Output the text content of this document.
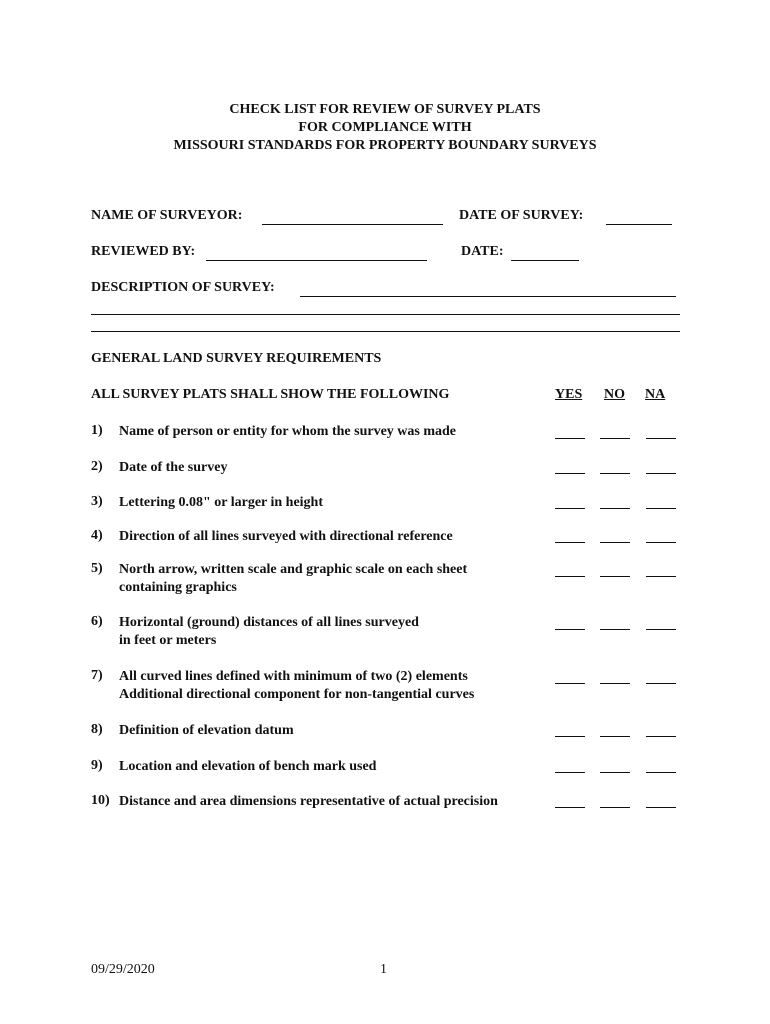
CHECK LIST FOR REVIEW OF SURVEY PLATS
FOR COMPLIANCE WITH
MISSOURI STANDARDS FOR PROPERTY BOUNDARY SURVEYS
NAME OF SURVEYOR:	DATE OF SURVEY:
REVIEWED BY:	DATE:
DESCRIPTION OF SURVEY:
GENERAL LAND SURVEY REQUIREMENTS
ALL SURVEY PLATS SHALL SHOW THE FOLLOWING	YES NO NA
1) Name of person or entity for whom the survey was made
2) Date of the survey
3) Lettering 0.08" or larger in height
4) Direction of all lines surveyed with directional reference
5) North arrow, written scale and graphic scale on each sheet
containing graphics
6) Horizontal (ground) distances of all lines surveyed
in feet or meters
7) All curved lines defined with minimum of two (2) elements
Additional directional component for non-tangential curves
8) Definition of elevation datum
9) Location and elevation of bench mark used
10) Distance and area dimensions representative of actual precision
09/29/2020	1
